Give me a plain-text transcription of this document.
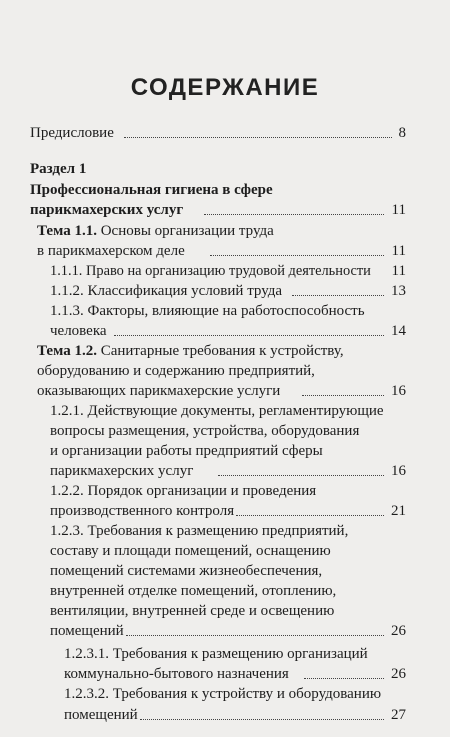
СОДЕРЖАНИЕ
Предисловие	8
Раздел 1
Профессиональная гигиена в сфере
парикмахерских услуг	11
Тема 1.1. Основы организации труда
в парикмахерском деле	11
1.1.1. Право на организацию трудовой деятельности 11
1.1.2. Классификация условий труда	13
1.1.3. Факторы, влияющие на работоспособность
человека	14
Тема 1.2. Санитарные требования к устройству,
оборудованию и содержанию предприятий,
оказывающих парикмахерские услуги	16
1.2.1. Действующие документы, регламентирующие
вопросы размещения, устройства, оборудования
и организации работы предприятий сферы
парикмахерских услуг	16
1.2.2. Порядок организации и проведения
производственного контроля	21
1.2.3. Требования к размещению предприятий,
составу и площади помещений, оснащению
помещений системами жизнеобеспечения,
внутренней отделке помещений, отоплению,
вентиляции, внутренней среде и освещению
помещений	26
1.2.3.1. Требования к размещению организаций
коммунально-бытового назначения	26
1.2.3.2. Требования к устройству и оборудованию
помещений	27
